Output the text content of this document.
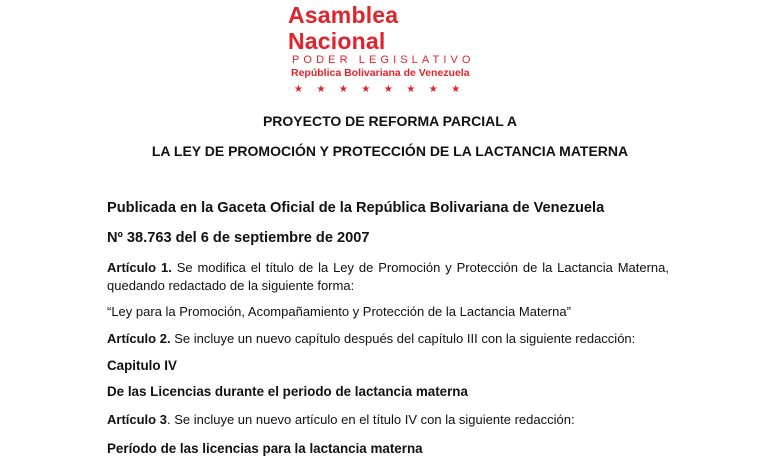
Asamblea Nacional
PODER LEGISLATIVO
República Bolivariana de Venezuela
★★★★★★★★
PROYECTO DE REFORMA PARCIAL A
LA LEY DE PROMOCIÓN Y PROTECCIÓN DE LA LACTANCIA MATERNA
Publicada en la Gaceta Oficial de la República Bolivariana de Venezuela
Nº 38.763 del 6 de septiembre de 2007
Artículo 1. Se modifica el título de la Ley de Promoción y Protección de la Lactancia Materna, quedando redactado de la siguiente forma:
“Ley para la Promoción, Acompañamiento y Protección de la Lactancia Materna”
Artículo 2. Se incluye un nuevo capítulo después del capítulo III con la siguiente redacción:
Capitulo IV
De las Licencias durante el periodo de lactancia materna
Artículo 3. Se incluye un nuevo artículo en el título IV con la siguiente redacción:
Período de las licencias para la lactancia materna
